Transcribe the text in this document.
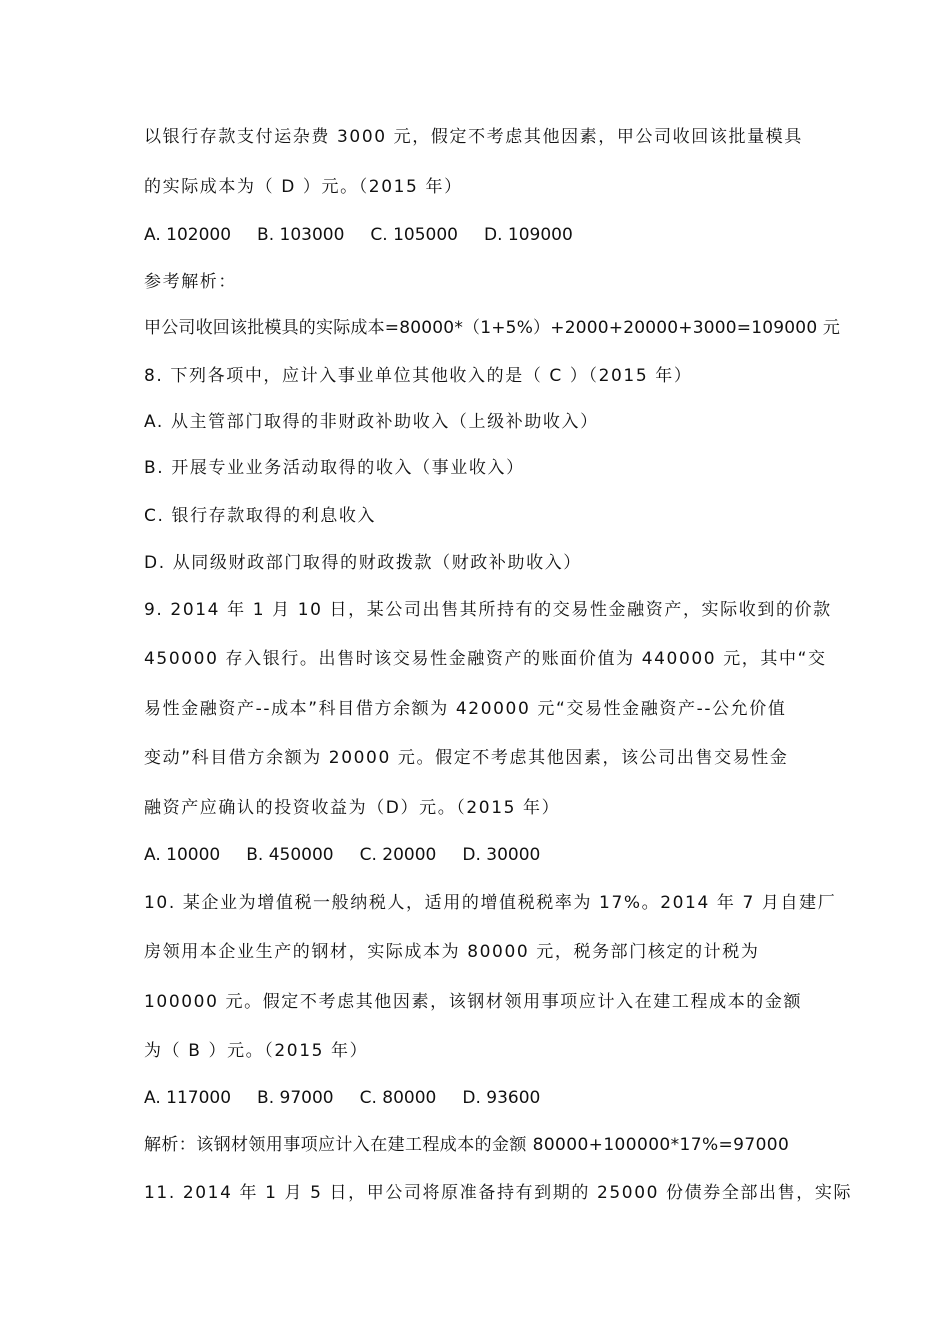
以银行存款支付运杂费 3000 元，假定不考虑其他因素，甲公司收回该批量模具
的实际成本为（ D ）元。（2015 年）
A. 102000 B. 103000 C. 105000 D. 109000
参考解析：
甲公司收回该批模具的实际成本=80000*（1+5%）+2000+20000+3000=109000 元
8. 下列各项中，应计入事业单位其他收入的是（ C ）（2015 年）
A. 从主管部门取得的非财政补助收入（上级补助收入）
B. 开展专业业务活动取得的收入（事业收入）
C. 银行存款取得的利息收入
D. 从同级财政部门取得的财政拨款（财政补助收入）
9. 2014 年 1 月 10 日，某公司出售其所持有的交易性金融资产，实际收到的价款
450000 存入银行。出售时该交易性金融资产的账面价值为 440000 元，其中“交
易性金融资产--成本”科目借方余额为 420000 元“交易性金融资产--公允价值
变动”科目借方余额为 20000 元。假定不考虑其他因素，该公司出售交易性金
融资产应确认的投资收益为（D）元。（2015 年）
A. 10000 B. 450000 C. 20000 D. 30000
10. 某企业为增值税一般纳税人，适用的增值税税率为 17%。2014 年 7 月自建厂
房领用本企业生产的钢材，实际成本为 80000 元，税务部门核定的计税为
100000 元。假定不考虑其他因素，该钢材领用事项应计入在建工程成本的金额
为（ B ）元。（2015 年）
A. 117000 B. 97000 C. 80000 D. 93600
解析：该钢材领用事项应计入在建工程成本的金额 80000+100000*17%=97000
11. 2014 年 1 月 5 日，甲公司将原准备持有到期的 25000 份债券全部出售，实际
